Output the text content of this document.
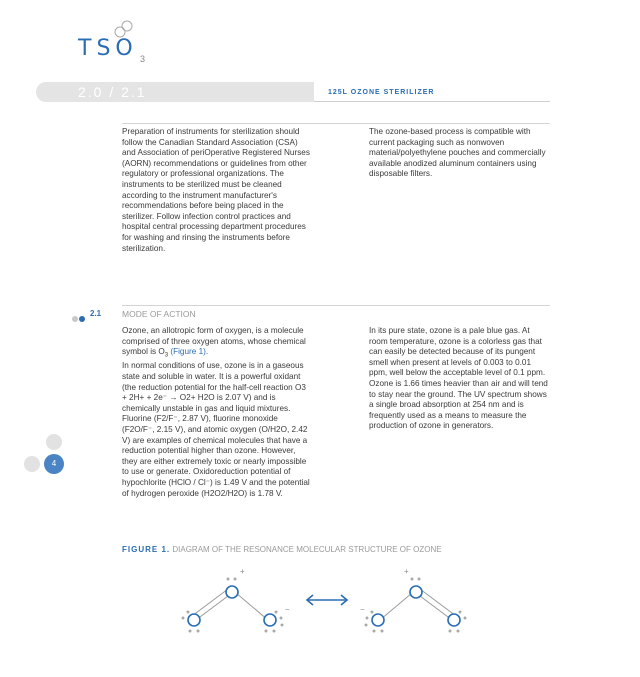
TSO 3
2.0 / 2.1	125L OZONE STERILIZER
Preparation of instruments for sterilization should follow the Canadian Standard Association (CSA) and Association of periOperative Registered Nurses (AORN) recommendations or guidelines from other regulatory or professional organizations. The instruments to be sterilized must be cleaned according to the instrument manufacturer's recommendations before being placed in the sterilizer. Follow infection control practices and hospital central processing department procedures for washing and rinsing the instruments before sterilization.
The ozone-based process is compatible with current packaging such as nonwoven material/polyethylene pouches and commercially available anodized aluminum containers using disposable filters.
2.1 MODE OF ACTION
Ozone, an allotropic form of oxygen, is a molecule comprised of three oxygen atoms, whose chemical symbol is $O_3$ (Figure 1).
In normal conditions of use, ozone is in a gaseous state and soluble in water. It is a powerful oxidant (the reduction potential for the half-cell reaction O3 + 2H+ + 2e⁻ → O2+ H2O is 2.07 V) and is chemically unstable in gas and liquid mixtures. Fluorine (F2/F⁻, 2.87 V), fluorine monoxide (F2O/F⁻, 2.15 V), and atomic oxygen (O/H2O, 2.42 V) are examples of chemical molecules that have a reduction potential higher than ozone. However, they are either extremely toxic or nearly impossible to use or generate. Oxidoreduction potential of hypochlorite (HClO / Cl⁻) is 1.49 V and the potential of hydrogen peroxide (H2O2/H2O) is 1.78 V.
In its pure state, ozone is a pale blue gas. At room temperature, ozone is a colorless gas that can easily be detected because of its pungent smell when present at levels of 0.003 to 0.01 ppm, well below the acceptable level of 0.1 ppm. Ozone is 1.66 times heavier than air and will tend to stay near the ground. The UV spectrum shows a single broad absorption at 254 nm and is frequently used as a means to measure the production of ozone in generators.
4
FIGURE 1. DIAGRAM OF THE RESONANCE MOLECULAR STRUCTURE OF OZONE
+
−
+
−
